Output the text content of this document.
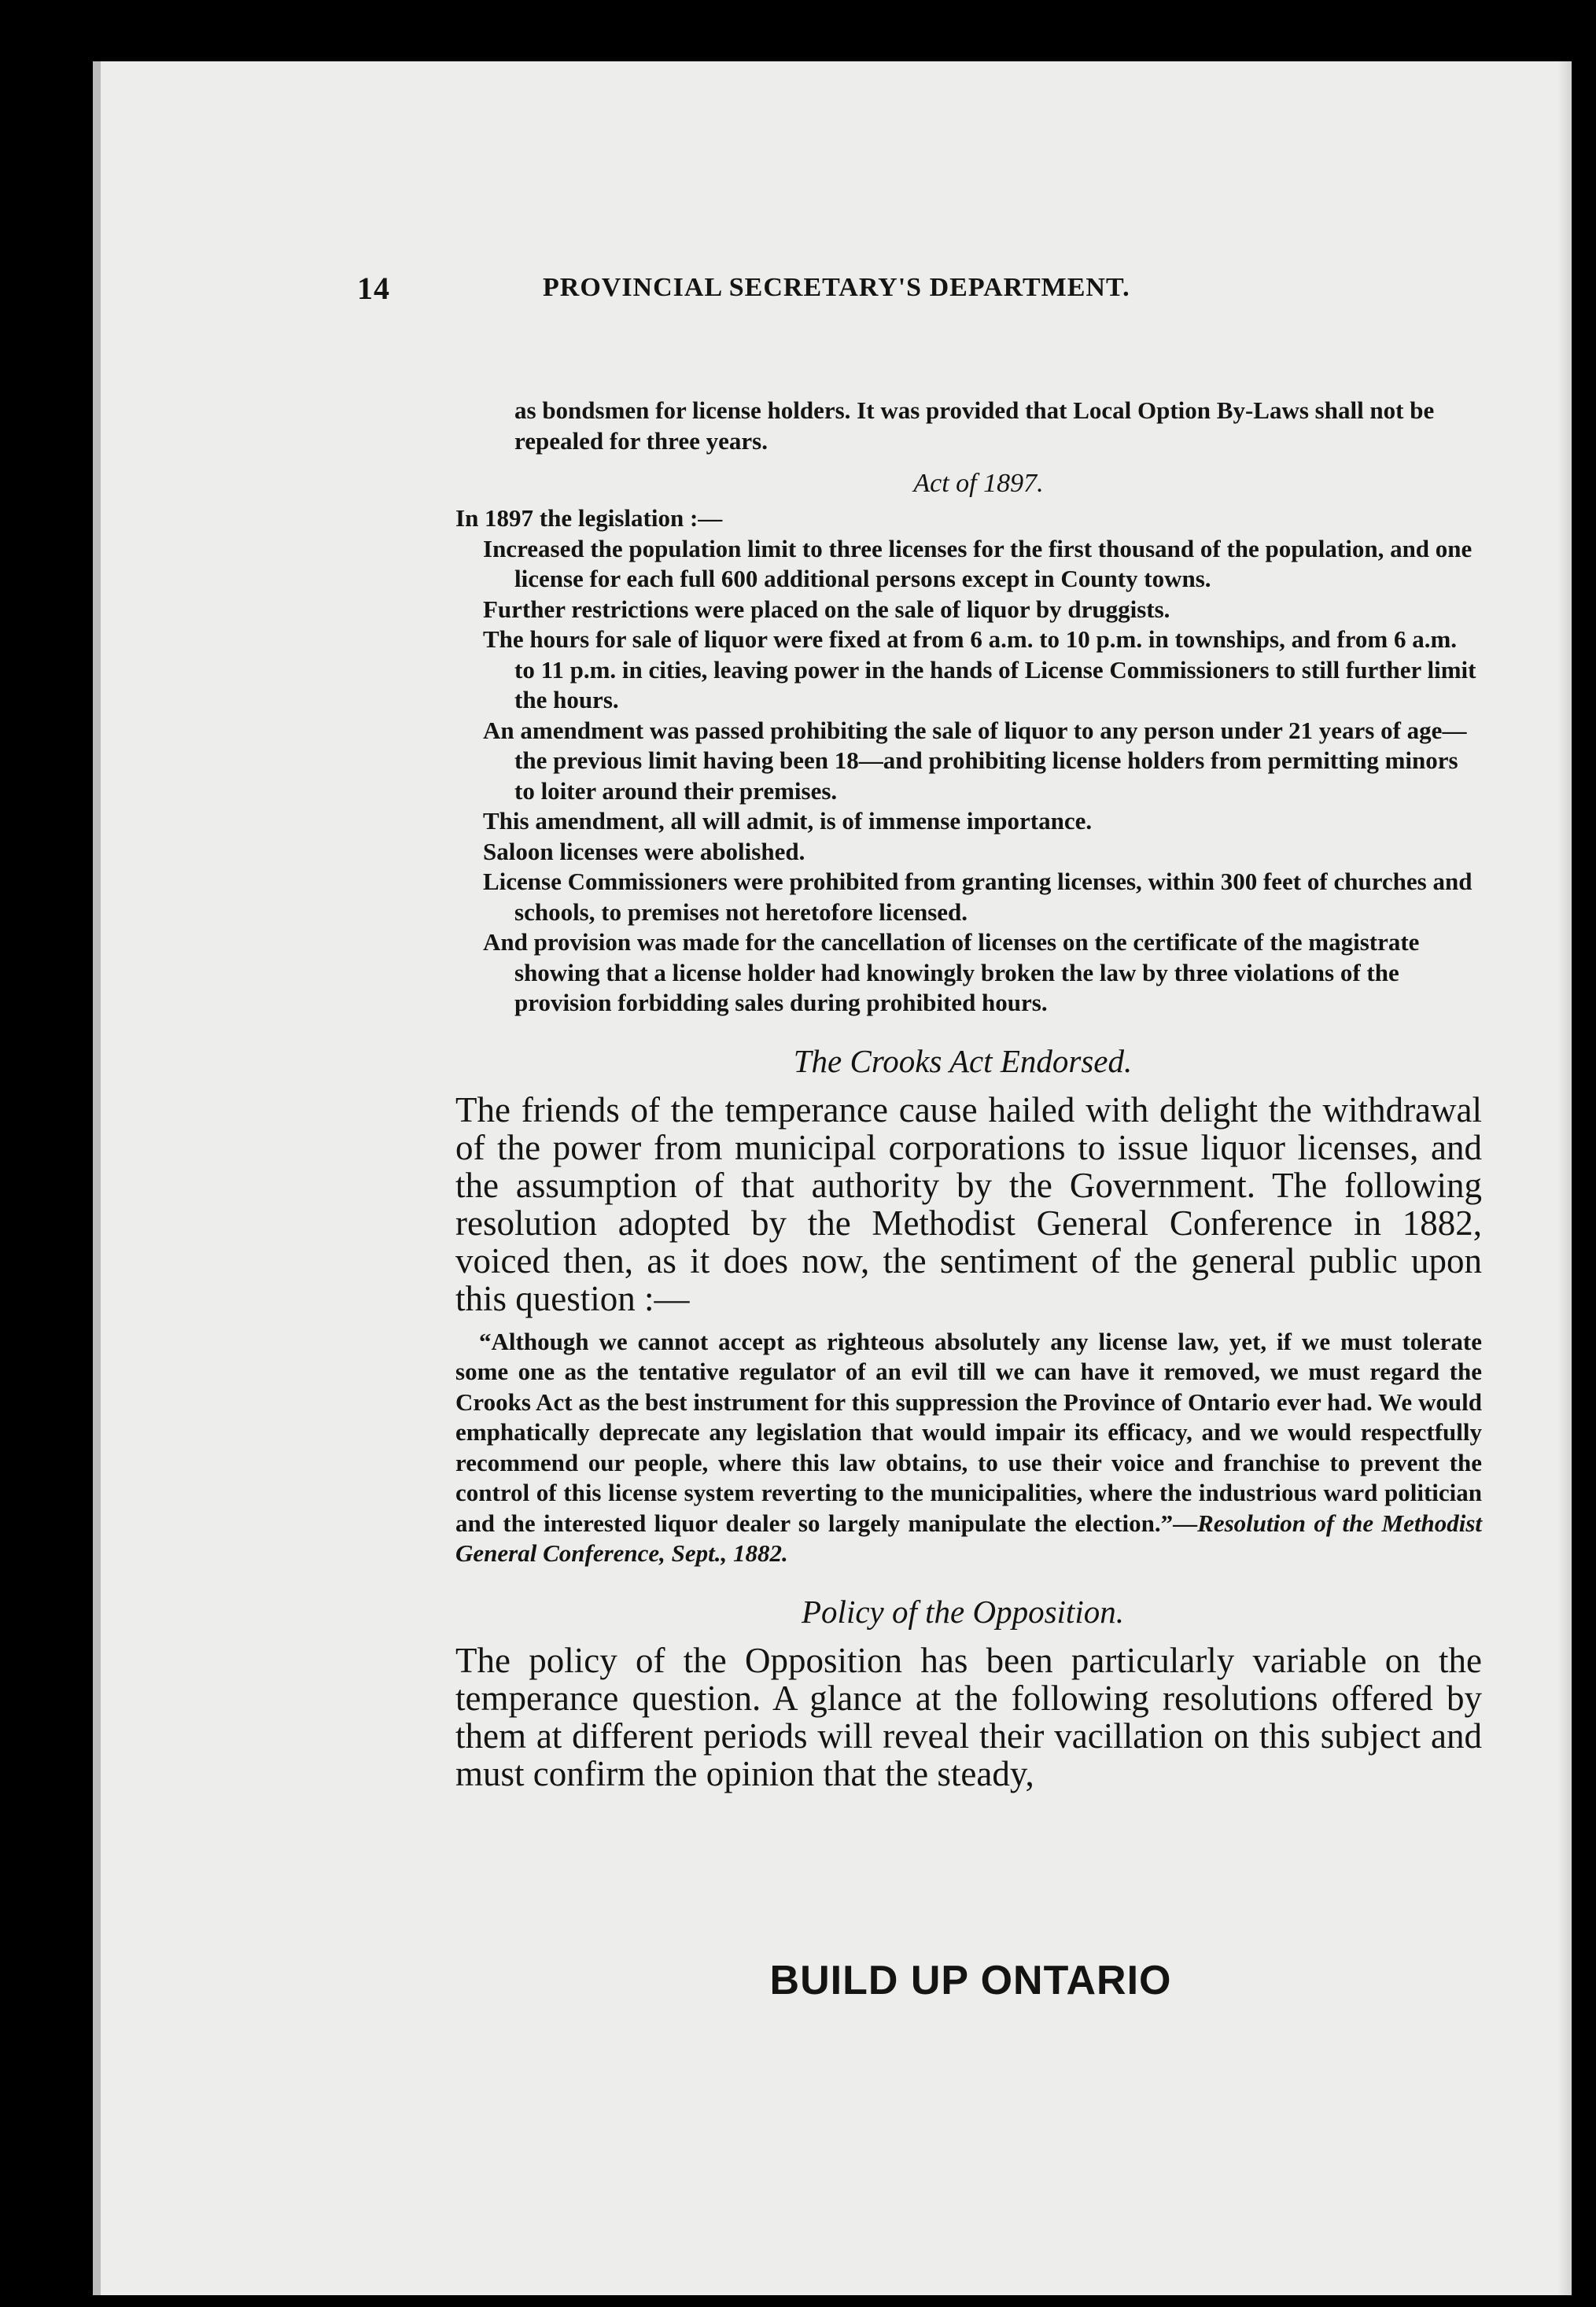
14	PROVINCIAL SECRETARY'S DEPARTMENT.

as bondsmen for license holders. It was provided that Local Option By-Laws shall not be repealed for three years.

Act of 1897.

In 1897 the legislation :—

Increased the population limit to three licenses for the first thousand of the population, and one license for each full 600 additional persons except in County towns.
Further restrictions were placed on the sale of liquor by druggists.
The hours for sale of liquor were fixed at from 6 a.m. to 10 p.m. in townships, and from 6 a.m. to 11 p.m. in cities, leaving power in the hands of License Commissioners to still further limit the hours.
An amendment was passed prohibiting the sale of liquor to any person under 21 years of age—the previous limit having been 18—and prohibiting license holders from permitting minors to loiter around their premises.
This amendment, all will admit, is of immense importance.
Saloon licenses were abolished.
License Commissioners were prohibited from granting licenses, within 300 feet of churches and schools, to premises not heretofore licensed.
And provision was made for the cancellation of licenses on the certificate of the magistrate showing that a license holder had knowingly broken the law by three violations of the provision forbidding sales during prohibited hours.
The Crooks Act Endorsed.

The friends of the temperance cause hailed with delight the withdrawal of the power from municipal corporations to issue liquor licenses, and the assumption of that authority by the Government. The following resolution adopted by the Methodist General Conference in 1882, voiced then, as it does now, the sentiment of the general public upon this question :—

“Although we cannot accept as righteous absolutely any license law, yet, if we must tolerate some one as the tentative regulator of an evil till we can have it removed, we must regard the Crooks Act as the best instrument for this suppression the Province of Ontario ever had. We would emphatically deprecate any legislation that would impair its efficacy, and we would respectfully recommend our people, where this law obtains, to use their voice and franchise to prevent the control of this license system reverting to the municipalities, where the industrious ward politician and the interested liquor dealer so largely manipulate the election.”—Resolution of the Methodist General Conference, Sept., 1882.

Policy of the Opposition.

The policy of the Opposition has been particularly variable on the temperance question. A glance at the following resolutions offered by them at different periods will reveal their vacillation on this subject and must confirm the opinion that the steady,

BUILD UP ONTARIO
